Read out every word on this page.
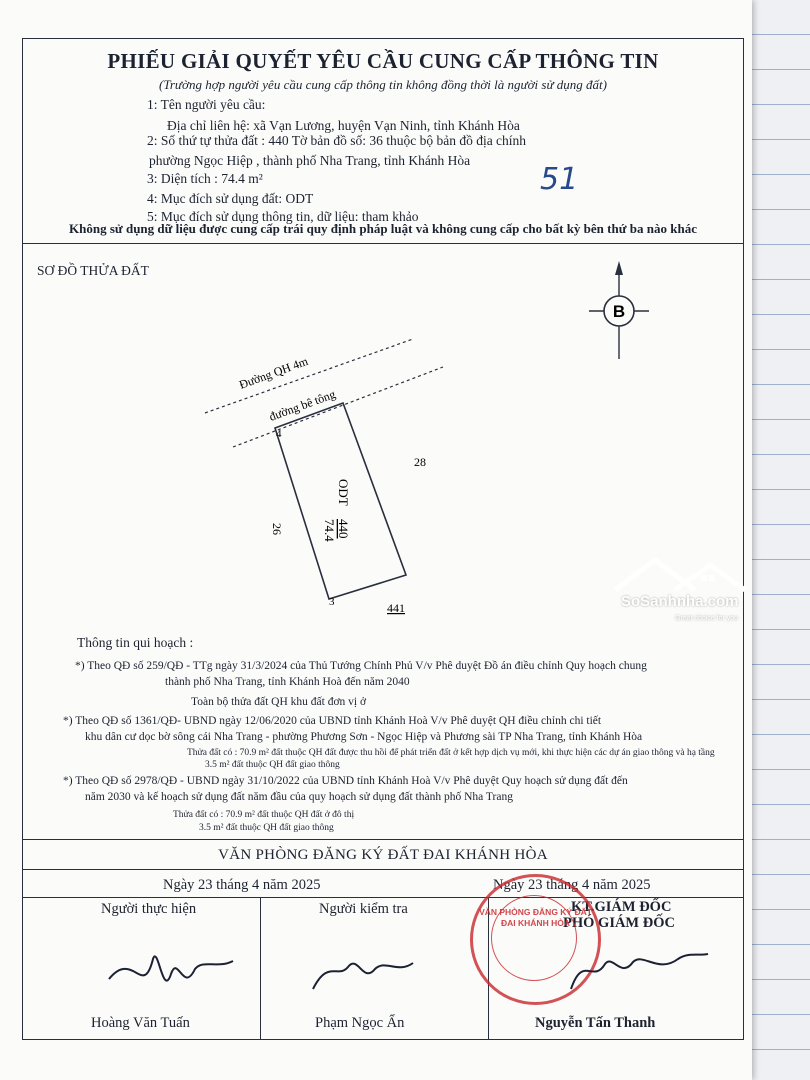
PHIẾU GIẢI QUYẾT YÊU CẦU CUNG CẤP THÔNG TIN
(Trường hợp người yêu cầu cung cấp thông tin không đồng thời là người sử dụng đất)
1: Tên người yêu cầu:
Địa chỉ liên hệ: xã Vạn Lương, huyện Vạn Ninh, tỉnh Khánh Hòa
2: Số thứ tự thửa đất : 440 Tờ bản đồ số: 36 thuộc bộ bản đồ địa chính
phường Ngọc Hiệp , thành phố Nha Trang, tỉnh Khánh Hòa
3: Diện tích : 74.4 m²
4: Mục đích sử dụng đất: ODT
5: Mục đích sử dụng thông tin, dữ liệu: tham khảo
Không sử dụng dữ liệu được cung cấp trái quy định pháp luật và không cung cấp cho bất kỳ bên thứ ba nào khác
SƠ ĐỒ THỬA ĐẤT
B
Đường QH 4m
đường bê tông
ODT
440
74.4
28
26
441
4
3
Thông tin qui hoạch :
*) Theo QĐ số 259/QĐ - TTg ngày 31/3/2024 của Thủ Tướng Chính Phủ V/v Phê duyệt Đồ án điều chỉnh Quy hoạch chung
thành phố Nha Trang, tỉnh Khánh Hoà đến năm 2040
Toàn bộ thửa đất QH khu đất đơn vị ở
*) Theo QĐ số 1361/QĐ- UBND ngày 12/06/2020 của UBND tỉnh Khánh Hoà V/v Phê duyệt QH điều chỉnh chi tiết
khu dân cư dọc bờ sông cái Nha Trang - phường Phương Sơn - Ngọc Hiệp và Phương sài TP Nha Trang, tỉnh Khánh Hòa
Thửa đất có : 70.9 m² đất thuộc QH đất được thu hồi để phát triển đất ở kết hợp dịch vụ mới, khi thực hiện các dự án giao thông và hạ tầng
3.5 m² đất thuộc QH đất giao thông
*) Theo QĐ số 2978/QĐ - UBND ngày 31/10/2022 của UBND tỉnh Khánh Hoà V/v Phê duyệt Quy hoạch sử dụng đất đến
năm 2030 và kế hoạch sử dụng đất năm đầu của quy hoạch sử dụng đất thành phố Nha Trang
Thửa đất có : 70.9 m² đất thuộc QH đất ở đô thị
3.5 m² đất thuộc QH đất giao thông
VĂN PHÒNG ĐĂNG KÝ ĐẤT ĐAI KHÁNH HÒA
Ngày 23 tháng 4 năm 2025	Ngày 23 tháng 4 năm 2025
Người thực hiện	Người kiểm tra	KT.GIÁM ĐỐC
PHÓ GIÁM ĐỐC
VĂN PHÒNG ĐĂNG KÝ ĐẤT ĐAI KHÁNH HÒA
Hoàng Văn Tuấn	Phạm Ngọc Ẩn	Nguyễn Tấn Thanh
51
SoSanhnha.com
Great choice for you
